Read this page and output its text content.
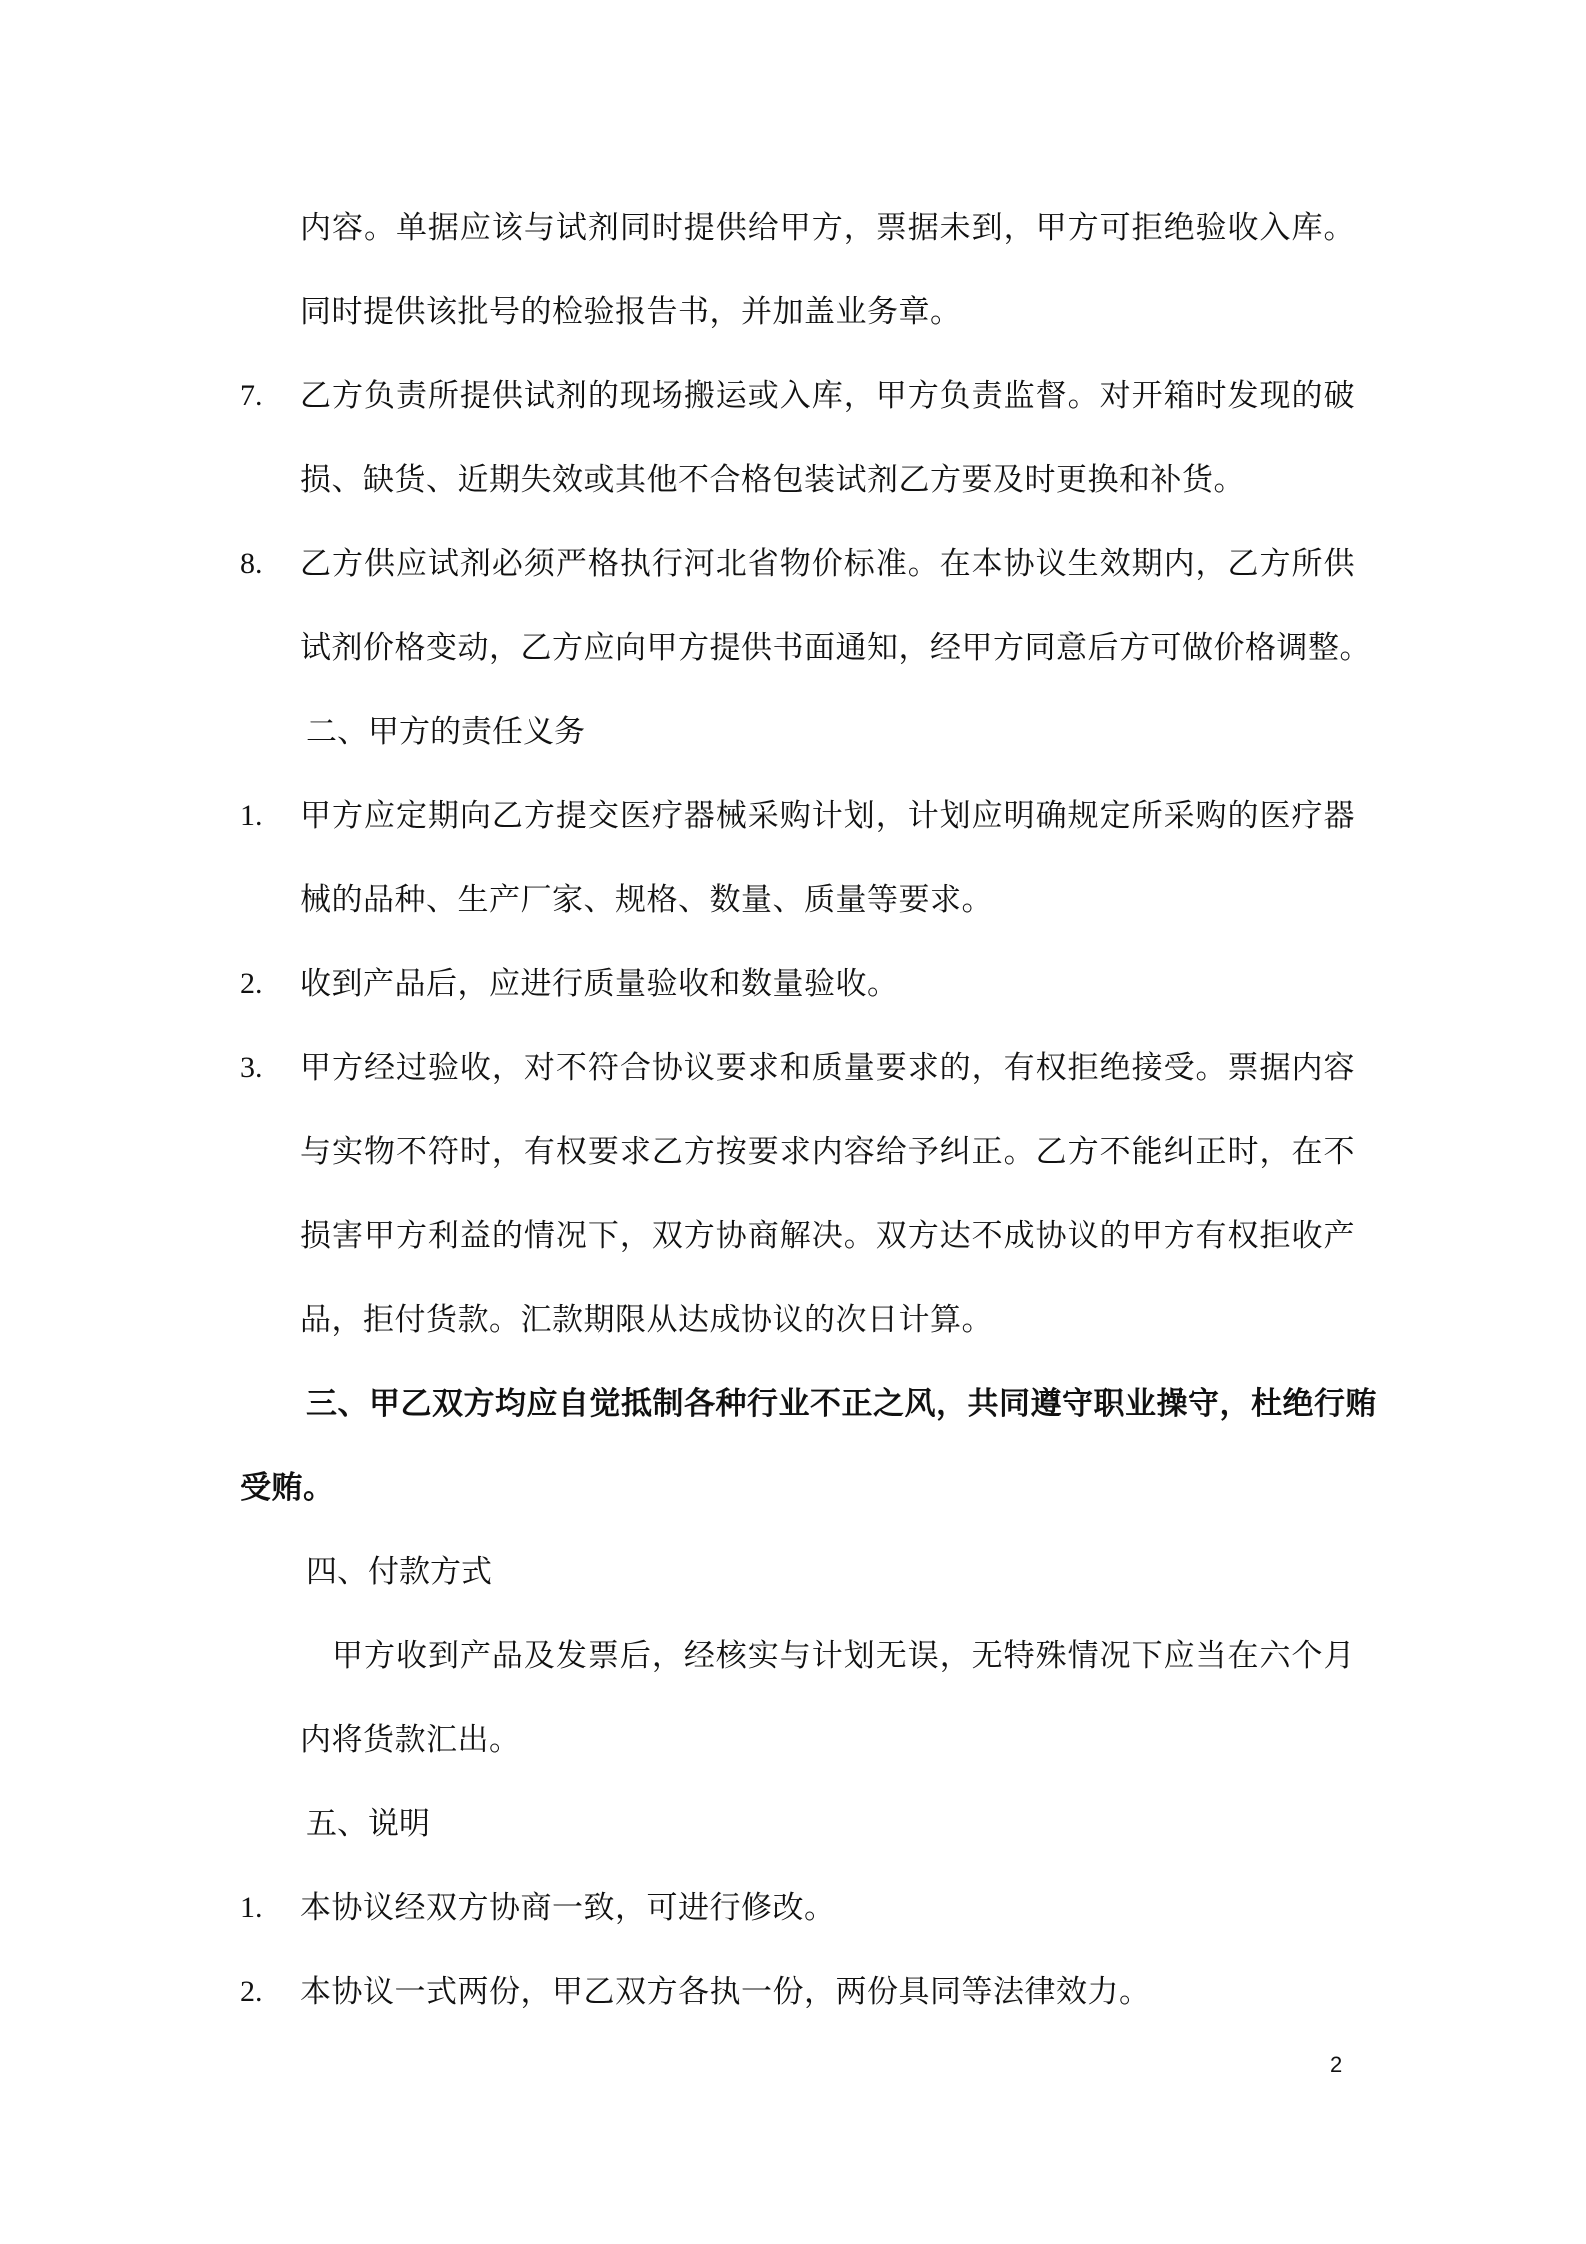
内容。单据应该与试剂同时提供给甲方，票据未到，甲方可拒绝验收入库。
同时提供该批号的检验报告书，并加盖业务章。
7. 乙方负责所提供试剂的现场搬运或入库，甲方负责监督。对开箱时发现的破
损、缺货、近期失效或其他不合格包装试剂乙方要及时更换和补货。
8. 乙方供应试剂必须严格执行河北省物价标准。在本协议生效期内，乙方所供
试剂价格变动，乙方应向甲方提供书面通知，经甲方同意后方可做价格调整。
二、甲方的责任义务
1. 甲方应定期向乙方提交医疗器械采购计划，计划应明确规定所采购的医疗器
械的品种、生产厂家、规格、数量、质量等要求。
2. 收到产品后，应进行质量验收和数量验收。
3. 甲方经过验收，对不符合协议要求和质量要求的，有权拒绝接受。票据内容
与实物不符时，有权要求乙方按要求内容给予纠正。乙方不能纠正时，在不
损害甲方利益的情况下，双方协商解决。双方达不成协议的甲方有权拒收产
品，拒付货款。汇款期限从达成协议的次日计算。
三、甲乙双方均应自觉抵制各种行业不正之风，共同遵守职业操守，杜绝行贿
受贿。
四、付款方式
甲方收到产品及发票后，经核实与计划无误，无特殊情况下应当在六个月
内将货款汇出。
五、说明
1. 本协议经双方协商一致，可进行修改。
2. 本协议一式两份，甲乙双方各执一份，两份具同等法律效力。
2
